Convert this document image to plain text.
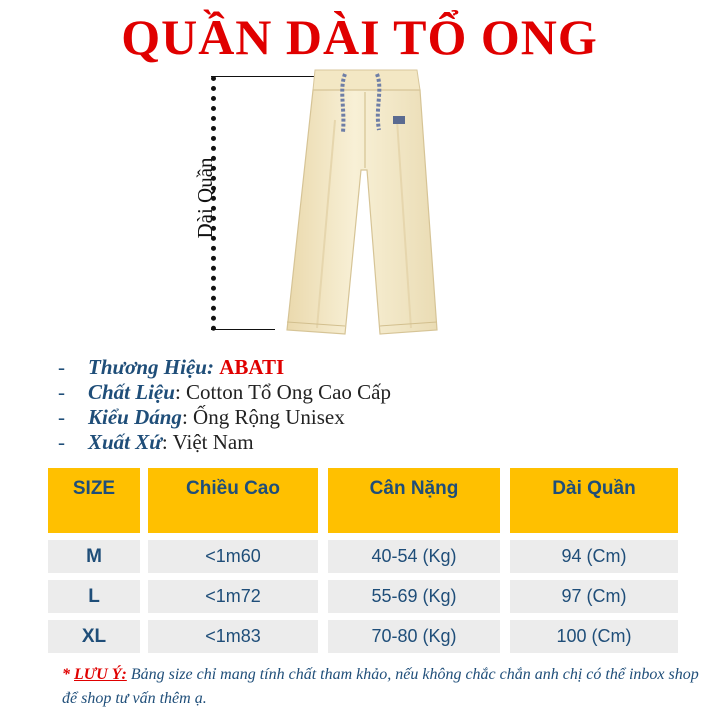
QUẦN DÀI TỔ ONG
Dài Quần
- Thương Hiệu: ABATI
- Chất Liệu: Cotton Tổ Ong Cao Cấp
- Kiểu Dáng: Ống Rộng Unisex
- Xuất Xứ: Việt Nam
SIZE	Chiều Cao	Cân Nặng	Dài Quần
M	<1m60	40-54 (Kg)	94 (Cm)
L	<1m72	55-69 (Kg)	97 (Cm)
XL	<1m83	70-80 (Kg)	100 (Cm)
* LƯU Ý: Bảng size chỉ mang tính chất tham khảo, nếu không chắc chắn anh chị có thể inbox shop để shop tư vấn thêm ạ.
